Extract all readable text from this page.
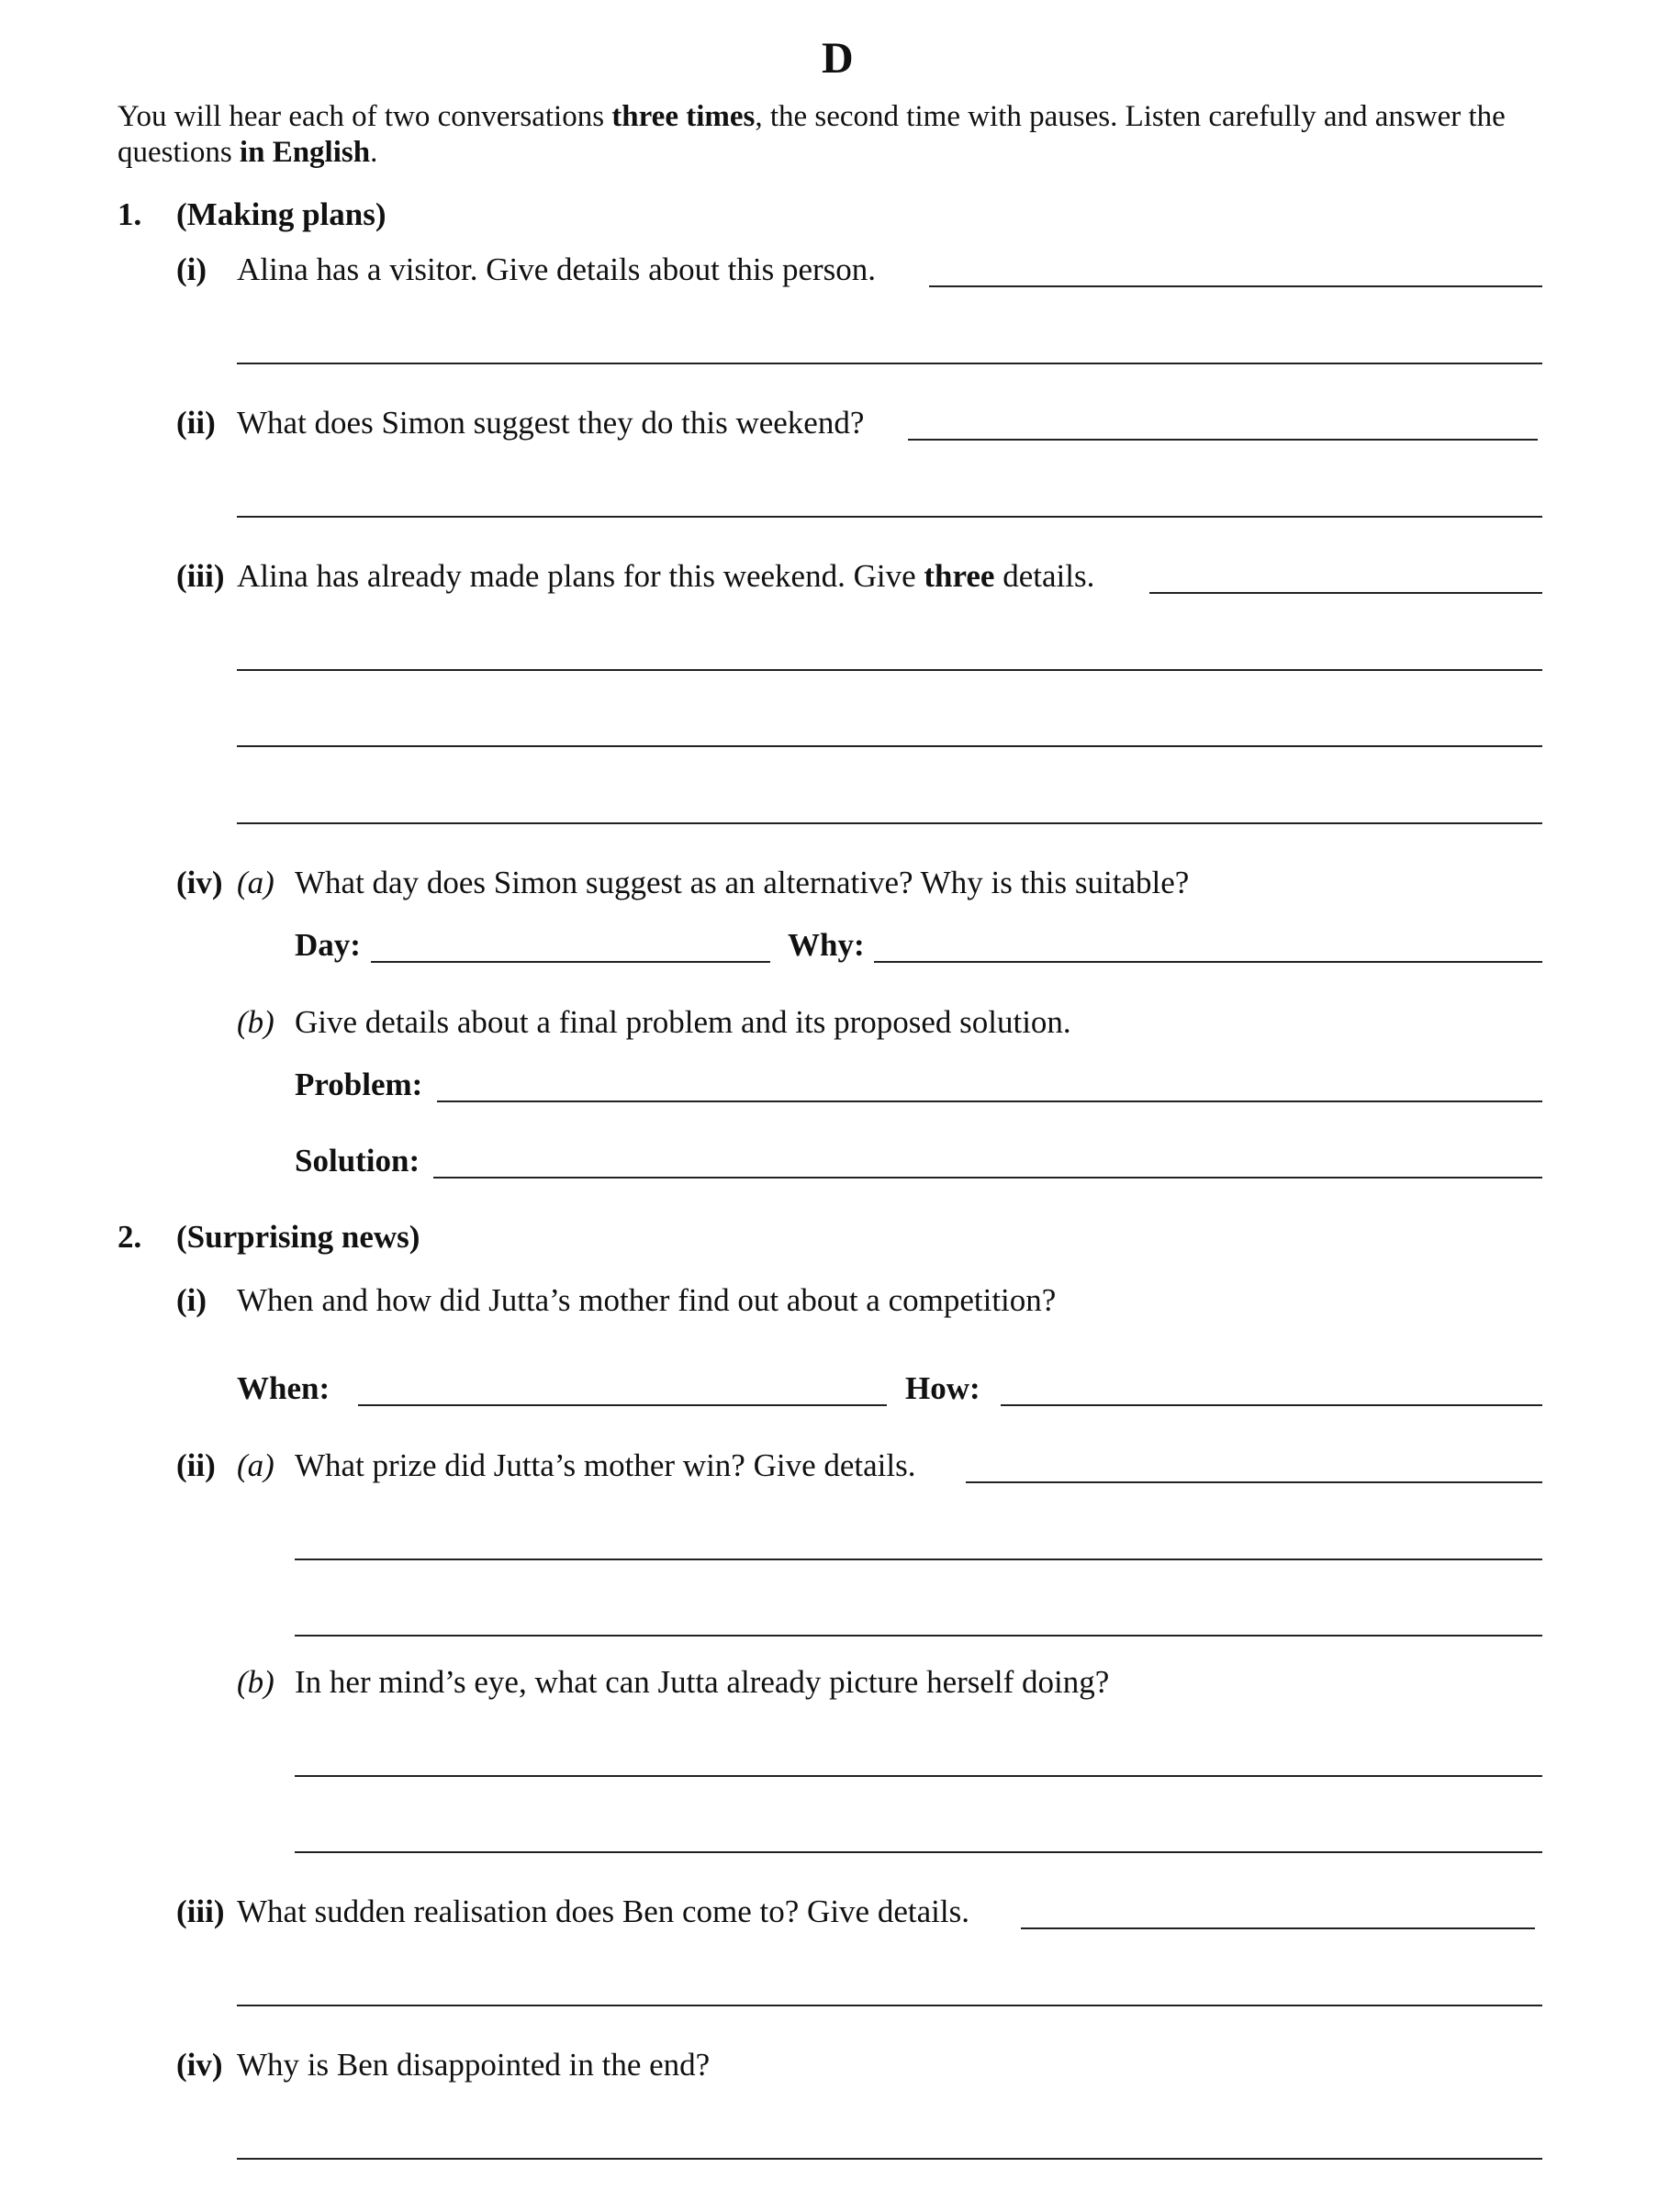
D
You will hear each of two conversations three times, the second time with pauses. Listen carefully and answer the
questions in English.
1. (Making plans)
(i) Alina has a visitor. Give details about this person.
(ii) What does Simon suggest they do this weekend?
(iii) Alina has already made plans for this weekend. Give three details.
(iv) (a) What day does Simon suggest as an alternative? Why is this suitable?
Day:	Why:
(b) Give details about a final problem and its proposed solution.
Problem:
Solution:
2. (Surprising news)
(i) When and how did Jutta’s mother find out about a competition?
When:	How:
(ii) (a) What prize did Jutta’s mother win? Give details.
(b) In her mind’s eye, what can Jutta already picture herself doing?
(iii) What sudden realisation does Ben come to? Give details.
(iv) Why is Ben disappointed in the end?
